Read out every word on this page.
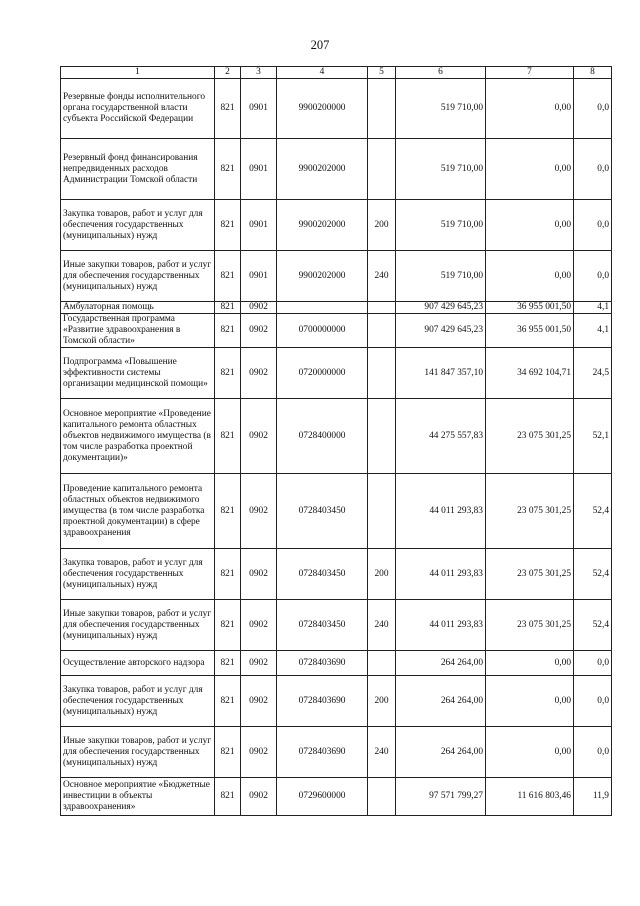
207
1	2	3	4	5	6	7	8
Резервные фонды исполнительного органа государственной власти субъекта Российской Федерации	821	0901	9900200000		519 710,00	0,00	0,0
Резервный фонд финансирования непредвиденных расходов Администрации Томской области	821	0901	9900202000		519 710,00	0,00	0,0
Закупка товаров, работ и услуг для обеспечения государственных (муниципальных) нужд	821	0901	9900202000	200	519 710,00	0,00	0,0
Иные закупки товаров, работ и услуг для обеспечения государственных (муниципальных) нужд	821	0901	9900202000	240	519 710,00	0,00	0,0
Амбулаторная помощь	821	0902			907 429 645,23	36 955 001,50	4,1
Государственная программа «Развитие здравоохранения в Томской области»	821	0902	0700000000		907 429 645,23	36 955 001,50	4,1
Подпрограмма «Повышение эффективности системы организации медицинской помощи»	821	0902	0720000000		141 847 357,10	34 692 104,71	24,5
Основное мероприятие «Проведение капитального ремонта областных объектов недвижимого имущества (в том числе разработка проектной документации)»	821	0902	0728400000		44 275 557,83	23 075 301,25	52,1
Проведение капитального ремонта областных объектов недвижимого имущества (в том числе разработка проектной документации) в сфере здравоохранения	821	0902	0728403450		44 011 293,83	23 075 301,25	52,4
Закупка товаров, работ и услуг для обеспечения государственных (муниципальных) нужд	821	0902	0728403450	200	44 011 293,83	23 075 301,25	52,4
Иные закупки товаров, работ и услуг для обеспечения государственных (муниципальных) нужд	821	0902	0728403450	240	44 011 293,83	23 075 301,25	52,4
Осуществление авторского надзора	821	0902	0728403690		264 264,00	0,00	0,0
Закупка товаров, работ и услуг для обеспечения государственных (муниципальных) нужд	821	0902	0728403690	200	264 264,00	0,00	0,0
Иные закупки товаров, работ и услуг для обеспечения государственных (муниципальных) нужд	821	0902	0728403690	240	264 264,00	0,00	0,0
Основное мероприятие «Бюджетные инвестиции в объекты здравоохранения»	821	0902	0729600000		97 571 799,27	11 616 803,46	11,9
